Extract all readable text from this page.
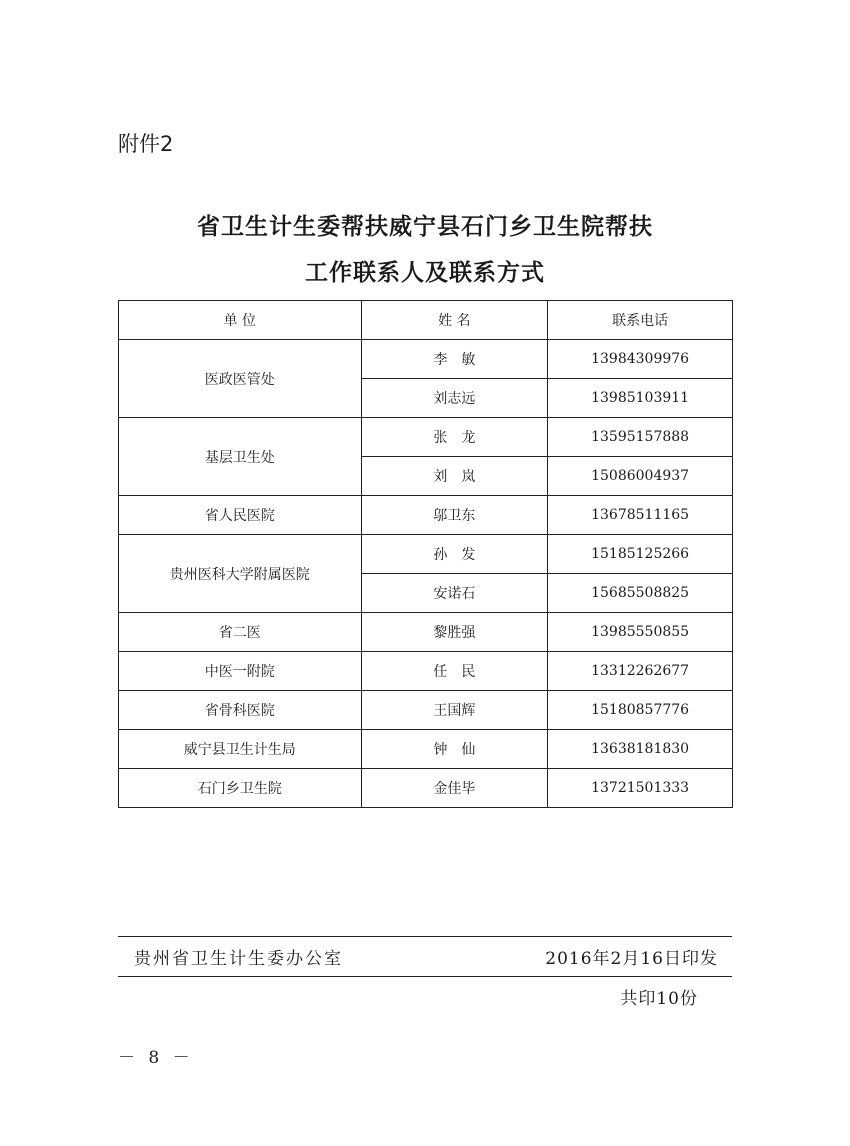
附件2
省卫生计生委帮扶威宁县石门乡卫生院帮扶
工作联系人及联系方式
单 位	姓 名	联系电话
医政医管处	李　敏	13984309976
	刘志远	13985103911
基层卫生处	张　龙	13595157888
	刘　岚	15086004937
省人民医院	邬卫东	13678511165
贵州医科大学附属医院	孙　发	15185125266
	安诺石	15685508825
省二医	黎胜强	13985550855
中医一附院	任　民	13312262677
省骨科医院	王国辉	15180857776
威宁县卫生计生局	钟　仙	13638181830
石门乡卫生院	金佳毕	13721501333
贵州省卫生计生委办公室	2016年2月16日印发
共印10份
－ 8 －
